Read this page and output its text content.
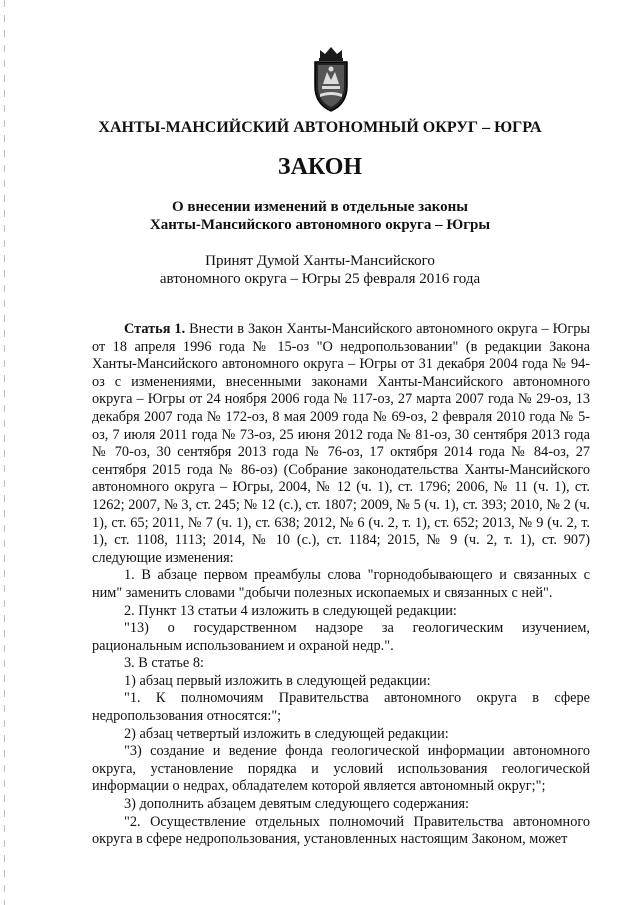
ХАНТЫ-МАНСИЙСКИЙ АВТОНОМНЫЙ ОКРУГ – ЮГРА
ЗАКОН
О внесении изменений в отдельные законы
Ханты-Мансийского автономного округа – Югры
Принят Думой Ханты-Мансийского
автономного округа – Югры 25 февраля 2016 года

Статья 1. Внести в Закон Ханты-Мансийского автономного округа – Югры от 18 апреля 1996 года № 15-оз "О недропользовании" (в редакции Закона Ханты-Мансийского автономного округа – Югры от 31 декабря 2004 года № 94-оз с изменениями, внесенными законами Ханты-Мансийского автономного округа – Югры от 24 ноября 2006 года № 117-оз, 27 марта 2007 года № 29-оз, 13 декабря 2007 года № 172-оз, 8 мая 2009 года № 69-оз, 2 февраля 2010 года № 5-оз, 7 июля 2011 года № 73-оз, 25 июня 2012 года № 81-оз, 30 сентября 2013 года № 70-оз, 30 сентября 2013 года № 76-оз, 17 октября 2014 года № 84-оз, 27 сентября 2015 года № 86-оз) (Собрание законодательства Ханты-Мансийского автономного округа – Югры, 2004, № 12 (ч. 1), ст. 1796; 2006, № 11 (ч. 1), ст. 1262; 2007, № 3, ст. 245; № 12 (с.), ст. 1807; 2009, № 5 (ч. 1), ст. 393; 2010, № 2 (ч. 1), ст. 65; 2011, № 7 (ч. 1), ст. 638; 2012, № 6 (ч. 2, т. 1), ст. 652; 2013, № 9 (ч. 2, т. 1), ст. 1108, 1113; 2014, № 10 (с.), ст. 1184; 2015, № 9 (ч. 2, т. 1), ст. 907) следующие изменения:

1. В абзаце первом преамбулы слова "горнодобывающего и связанных с ним" заменить словами "добычи полезных ископаемых и связанных с ней".

2. Пункт 13 статьи 4 изложить в следующей редакции:

"13) о государственном надзоре за геологическим изучением, рациональным использованием и охраной недр.".

3. В статье 8:

1) абзац первый изложить в следующей редакции:

"1. К полномочиям Правительства автономного округа в сфере недропользования относятся:";

2) абзац четвертый изложить в следующей редакции:

"3) создание и ведение фонда геологической информации автономного округа, установление порядка и условий использования геологической информации о недрах, обладателем которой является автономный округ;";

3) дополнить абзацем девятым следующего содержания:

"2. Осуществление отдельных полномочий Правительства автономного округа в сфере недропользования, установленных настоящим Законом, может
